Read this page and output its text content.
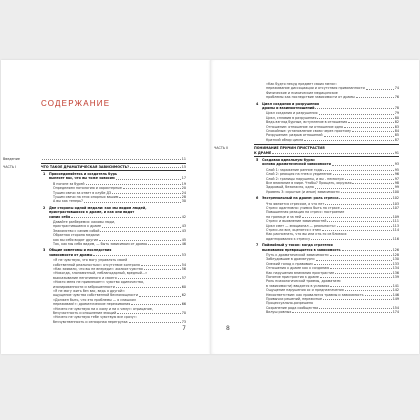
СОДЕРЖАНИЕ
Введение	11
ЧАСТЬ I	ЧТО ТАКОЕ ДРАМАТИЧЕСКАЯ ЗАВИСИМОСТЬ?	15
1 Присоединяйтесь и создатель бурь
вынесет вас, что вы тоже зависим	17
В погоне за бурей	19
Определяем патологию и характерные	20
Тушим свечи за ответ в клубе ДЗ	24
Тушим свечи на этих опорных вашим	28
А вы как теперь?	30
2 Две стороны одной медали: как мы видим людей,
пристрастившихся к драме, и как они видят
самих себя	42
Давайте разберемся: каковы люди,
пристрастившиеся к драме	43
Знакомство с самим собой	43
Обратная сторона медали:
как вы себя видят другие	45
Так, как мы себя видим, — быть зависимым от драмы	46
3 Общие симптомы и последствия
зависимости от драмы	53
«Я не чувствую, что могу управлять своей
собственной реальностью»: отсутствие контроля	54
«Как заявили, что вы не впереди»: жалкое чувство	56
«Никогда, злопамятный, неблагодарный, вредный...»
высказывание негативного и своего	57
«Никто меня не привлекает»: чувство одиночества,
изолированности и заброшенности	60
«Я не могу жить без вас, ведь я другой»:
ощущение чувства собственной беспомощности	62
«Должен быть, что это проблемы — я слишком
переживаю!»: драматические переживания	66
«Ничего не чувствую ни к кому и ни к чему»: отрицание,
безучастность и опошление эмоций	70
«Ничего не чувствую тебе чувствую все сразу»:
безчувственность и сенсорная перегрузка	73
7
«Как будто некуд предмет своих меня»:
переживание диссоциации и отсутствия привязанности	74
Физические и психические медицинские
проблемы как последствие зависимости от драмы	76
4 Цикл создания и разрушения
драмы и взаимоотношений	78
Цикл создания и разрушения	79
Цикл, сплавив в разрушения	80
Ведь взгляд бурные, вступление в отношения	82
Отношение: отношение ли отношение одно	83
Спокойные: установление связи через простому	84
Разрушение: разрыв отношений	85
Краткий обзор цикла	87
ЧАСТЬ II	ПОНИМАНИЕ ПРИЧИН ПРИСТРАСТИЯ
К ДРАМЕ	91
5 Создавая идеальную бурю:
основа драматической зависимости	93
Слой 1: заражение ранние годы	95
Слой 2: реакция на гнев и уединение	96
Слой 2: границы нарушены, и вы - несмотря	97
Все внимание в мире. Чтобы? Прощать, окружая	98
Здоровый, безопасно, одна	99
Уровень 3: скрытые (и иные) зависимости	100
6 Экстремальный на драме: роль стресса	102
Что является стрессом, а что нет	103
Стресс адаптивно: учимся быть на страсе	107
Повышенная реакция на стресс: построение
на границе и за ней	109
Стресс и выявление зависимостей	111
Цикл смет — эмоционал — реальность»	113
Стресс-ли все, оценятся с этим	114
Как распознать, что вы или кто-то из близких
адаптировался к стрессу	116
7 Поймайный у тисок: когда стратегия
выживания превращается в зависимость	126
Путь к драматической зависимости	128
Заблудившие в драматурги	130
Смежий голод к правовым	133
Отношения к драме как к созданию	134
Как нарушения внимания пристрастие	136
Понятие пристрастия к драме	139
Роль психологической травмы, драматизм
в зависимости) вводятся в условиях	141
Ощущение нарушения ос и предназначения	142
Несоответствие: как провалятся травмы и зависимость	146
Привычки решений, пережитые	149
Процессуально-разрешено
Сохранение рода сообщества	154
Вилуш ровных	174
8
